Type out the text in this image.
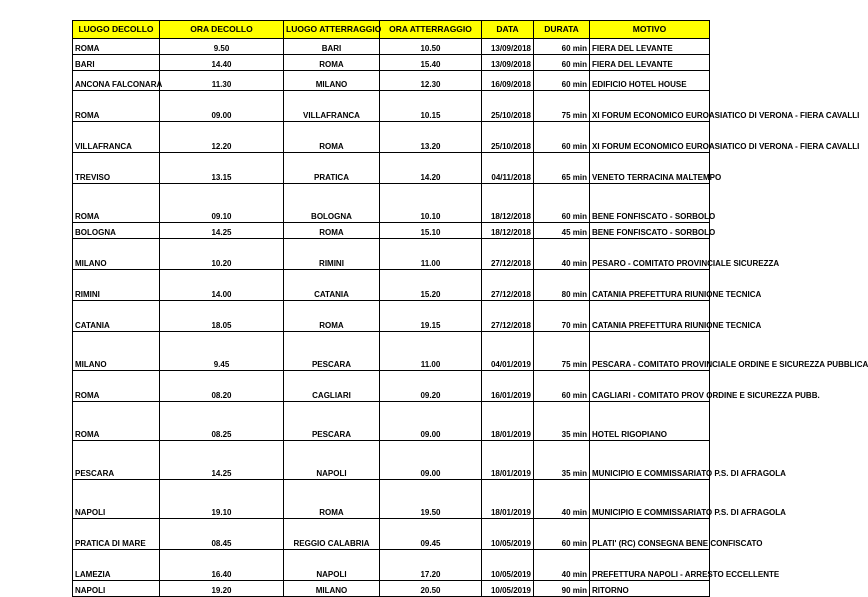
LUOGO DECOLLO	ORA DECOLLO	LUOGO ATTERRAGGIO	ORA ATTERRAGGIO	DATA	DURATA	MOTIVO
ROMA	9.50	BARI	10.50	13/09/2018	60 min	FIERA DEL LEVANTE
BARI	14.40	ROMA	15.40	13/09/2018	60 min	FIERA DEL LEVANTE
ANCONA FALCONARA	11.30	MILANO	12.30	16/09/2018	60 min	EDIFICIO HOTEL HOUSE
ROMA	09.00	VILLAFRANCA	10.15	25/10/2018	75 min	XI FORUM ECONOMICO EUROASIATICO DI VERONA - FIERA CAVALLI
VILLAFRANCA	12.20	ROMA	13.20	25/10/2018	60 min	XI FORUM ECONOMICO EUROASIATICO DI VERONA - FIERA CAVALLI
TREVISO	13.15	PRATICA	14.20	04/11/2018	65 min	VENETO TERRACINA MALTEMPO
ROMA	09.10	BOLOGNA	10.10	18/12/2018	60 min	BENE FONFISCATO - SORBOLO
BOLOGNA	14.25	ROMA	15.10	18/12/2018	45 min	BENE FONFISCATO - SORBOLO
MILANO	10.20	RIMINI	11.00	27/12/2018	40 min	PESARO - COMITATO PROVINCIALE SICUREZZA
RIMINI	14.00	CATANIA	15.20	27/12/2018	80 min	CATANIA PREFETTURA RIUNIONE TECNICA
CATANIA	18.05	ROMA	19.15	27/12/2018	70 min	CATANIA PREFETTURA RIUNIONE TECNICA
MILANO	9.45	PESCARA	11.00	04/01/2019	75 min	PESCARA - COMITATO PROVINCIALE ORDINE E SICUREZZA PUBBLICA
ROMA	08.20	CAGLIARI	09.20	16/01/2019	60 min	CAGLIARI - COMITATO PROV ORDINE E SICUREZZA PUBB.
ROMA	08.25	PESCARA	09.00	18/01/2019	35 min	HOTEL RIGOPIANO
PESCARA	14.25	NAPOLI	09.00	18/01/2019	35 min	MUNICIPIO E COMMISSARIATO P.S. DI AFRAGOLA
NAPOLI	19.10	ROMA	19.50	18/01/2019	40 min	MUNICIPIO E COMMISSARIATO P.S. DI AFRAGOLA
PRATICA DI MARE	08.45	REGGIO CALABRIA	09.45	10/05/2019	60 min	PLATI' (RC) CONSEGNA BENE CONFISCATO
LAMEZIA	16.40	NAPOLI	17.20	10/05/2019	40 min	PREFETTURA NAPOLI - ARRESTO ECCELLENTE
NAPOLI	19.20	MILANO	20.50	10/05/2019	90 min	RITORNO
